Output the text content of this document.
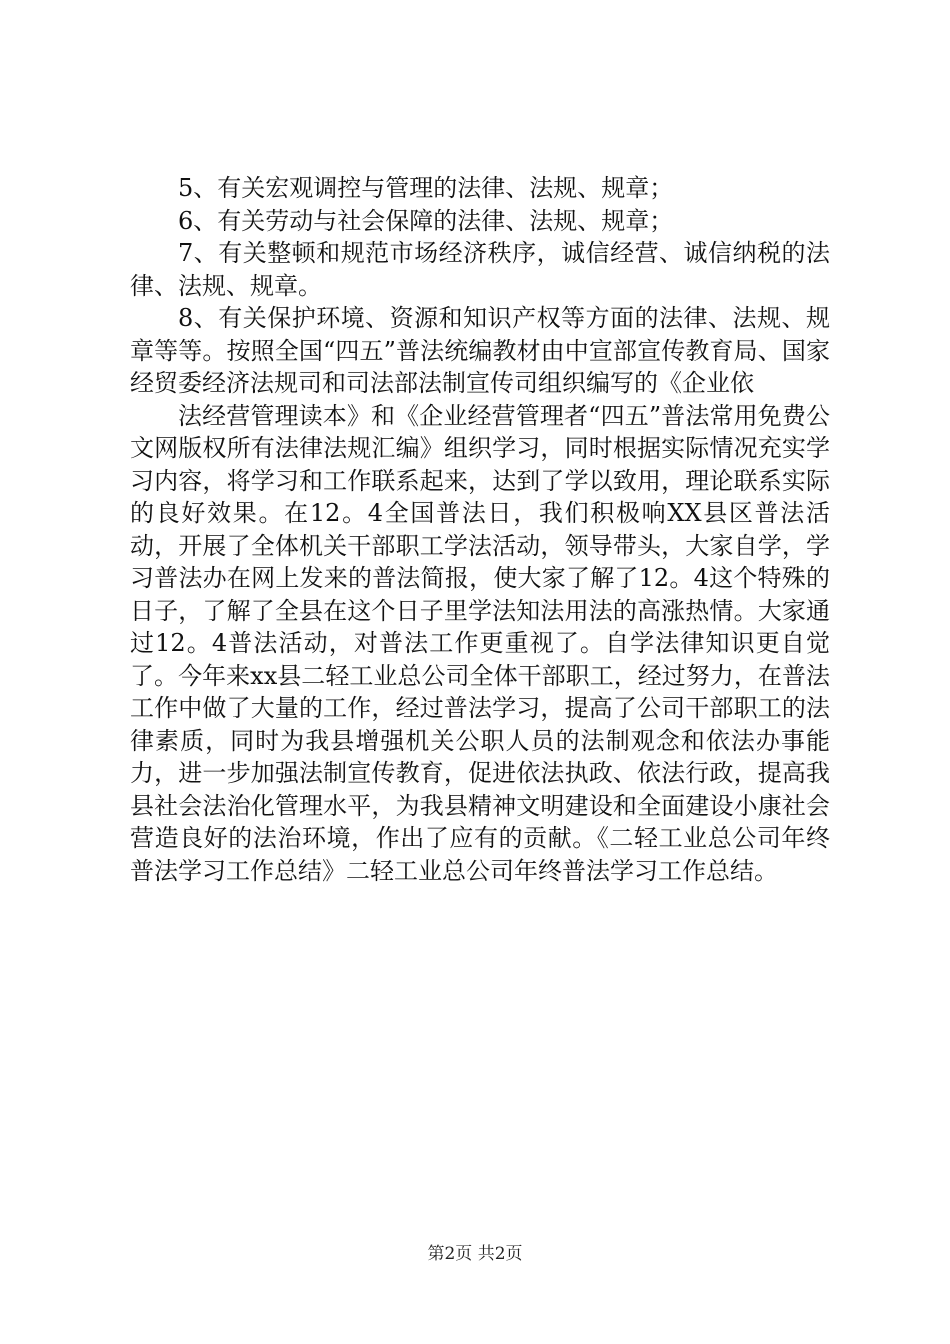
5、有关宏观调控与管理的法律、法规、规章；

6、有关劳动与社会保障的法律、法规、规章；

7、有关整顿和规范市场经济秩序，诚信经营、诚信纳税的法律、法规、规章。

8、有关保护环境、资源和知识产权等方面的法律、法规、规章等等。按照全国“四五”普法统编教材由中宣部宣传教育局、国家经贸委经济法规司和司法部法制宣传司组织编写的《企业依

法经营管理读本》和《企业经营管理者“四五”普法常用免费公文网版权所有法律法规汇编》组织学习，同时根据实际情况充实学习内容，将学习和工作联系起来，达到了学以致用，理论联系实际的良好效果。在12。4全国普法日，我们积极响XX县区普法活动，开展了全体机关干部职工学法活动，领导带头，大家自学，学习普法办在网上发来的普法简报，使大家了解了12。4这个特殊的日子，了解了全县在这个日子里学法知法用法的高涨热情。大家通过12。4普法活动，对普法工作更重视了。自学法律知识更自觉了。今年来xx县二轻工业总公司全体干部职工，经过努力，在普法工作中做了大量的工作，经过普法学习，提高了公司干部职工的法律素质，同时为我县增强机关公职人员的法制观念和依法办事能力，进一步加强法制宣传教育，促进依法执政、依法行政，提高我县社会法治化管理水平，为我县精神文明建设和全面建设小康社会营造良好的法治环境，作出了应有的贡献。《二轻工业总公司年终普法学习工作总结》二轻工业总公司年终普法学习工作总结。

第2页 共2页
